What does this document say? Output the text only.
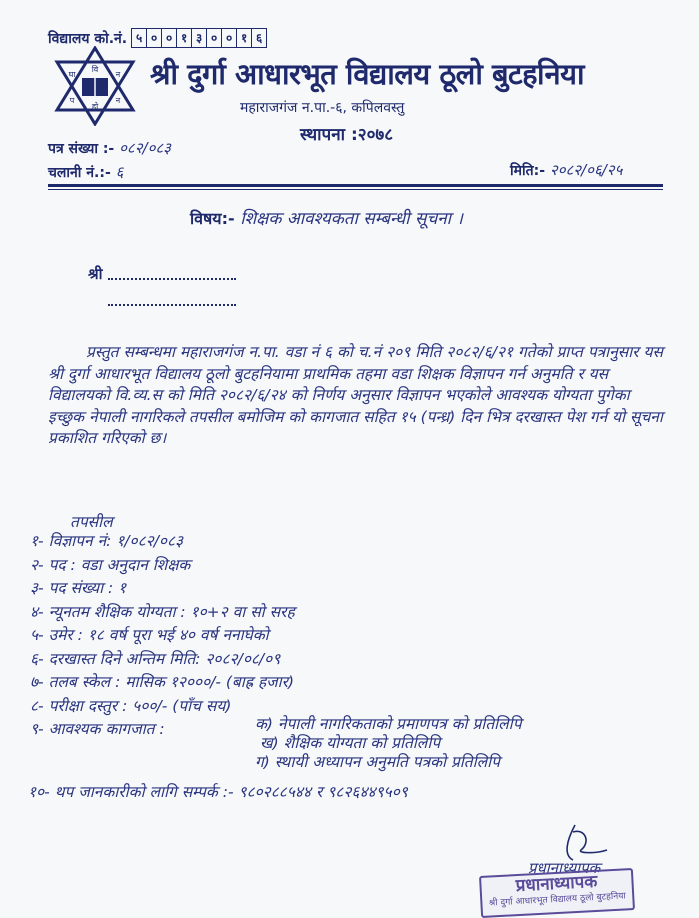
विद्यालय को.नं. ५ ० ० १ ३ ० ० १ ६
वि
घा	न
प	न
हो
श्री दुर्गा आधारभूत विद्यालय ठूलो बुटहनिया
महाराजगंज न.पा.-६, कपिलवस्तु
स्थापना :२०७८
पत्र संख्या :- ०८२/०८३
चलानी नं.:- ६	मिति:- २०८२/०६/२५
विषय:- शिक्षक आवश्यकता सम्बन्धी सूचना ।
श्री
प्रस्तुत सम्बन्धमा महाराजगंज न.पा. वडा नं ६ को च.नं २०९ मिति २०८२/६/२१ गतेको प्राप्त पत्रानुसार यस श्री दुर्गा आधारभूत विद्यालय ठूलो बुटहनियामा प्राथमिक तहमा वडा शिक्षक विज्ञापन गर्न अनुमति र यस विद्यालयको वि.व्य.स को मिति २०८२/६/२४ को निर्णय अनुसार विज्ञापन भएकोले आवश्यक योग्यता पुगेका इच्छुक नेपाली नागरिकले तपसील बमोजिम को कागजात सहित १५ (पन्ध्र) दिन भित्र दरखास्त पेश गर्न यो सूचना प्रकाशित गरिएको छ।
तपसील
१- विज्ञापन नं: १/०८२/०८३
२- पद : वडा अनुदान शिक्षक
३- पद संख्या : १
४- न्यूनतम शैक्षिक योग्यता : १०+२ वा सो सरह
५- उमेर : १८ वर्ष पूरा भई ४० वर्ष ननाघेको
६- दरखास्त दिने अन्तिम मिति: २०८२/०८/०९
७- तलब स्केल : मासिक १२०००/- (बाह्र हजार)
८- परीक्षा दस्तुर : ५००/- (पाँच सय)
९- आवश्यक कागजात :	क) नेपाली नागरिकताको प्रमाणपत्र को प्रतिलिपि
ख) शैक्षिक योग्यता को प्रतिलिपि
ग) स्थायी अध्यापन अनुमति पत्रको प्रतिलिपि
१०- थप जानकारीको लागि सम्पर्क :- ९८०२८८५४४ र ९८२६४४९५०९
प्रधानाध्यापक
प्रधानाध्यापक
श्री दुर्गा आधारभूत विद्यालय ठूलो बुटहनिया
